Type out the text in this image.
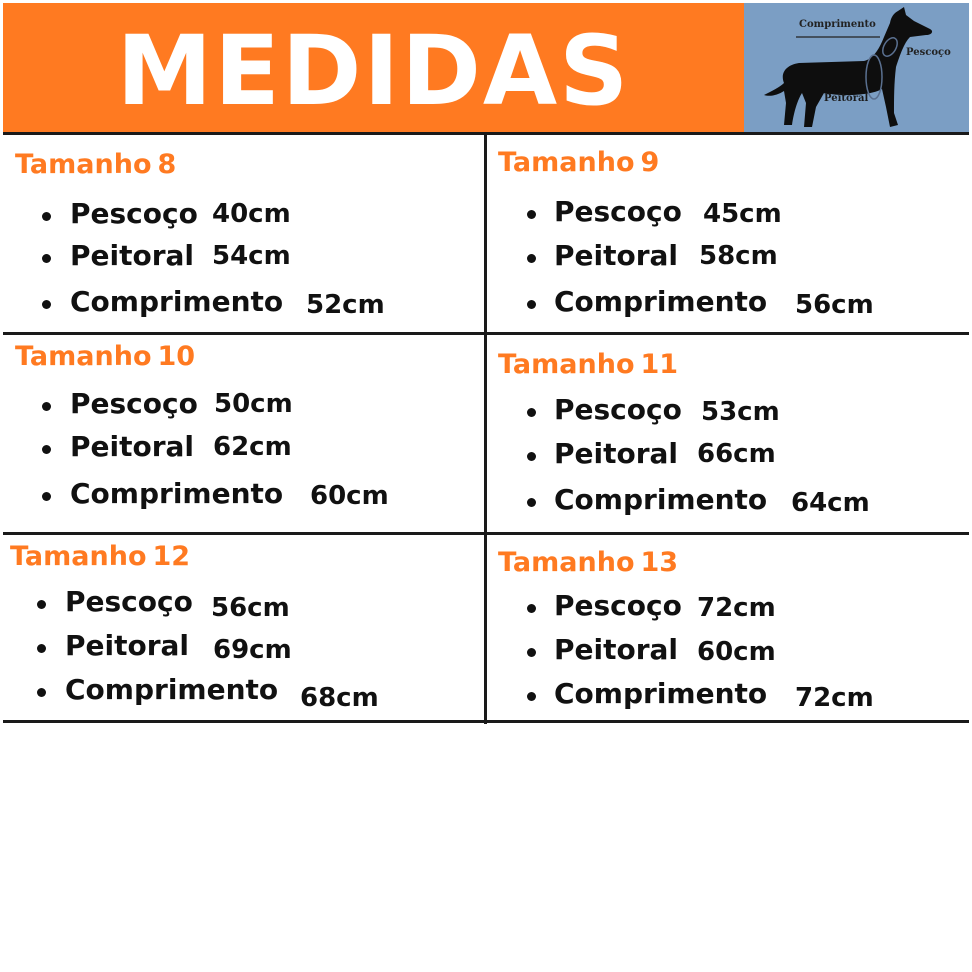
MEDIDAS	Comprimento
Pescoço
Peitoral
Tamanho 8
Pescoço 40cm
Peitoral 54cm
Comprimento 52cm
Tamanho 9
Pescoço 45cm
Peitoral 58cm
Comprimento 56cm
Tamanho 10
Pescoço 50cm
Peitoral 62cm
Comprimento 60cm
Tamanho 11
Pescoço 53cm
Peitoral 66cm
Comprimento 64cm
Tamanho 12
Pescoço 56cm
Peitoral 69cm
Comprimento 68cm
Tamanho 13
Pescoço 72cm
Peitoral 60cm
Comprimento 72cm
